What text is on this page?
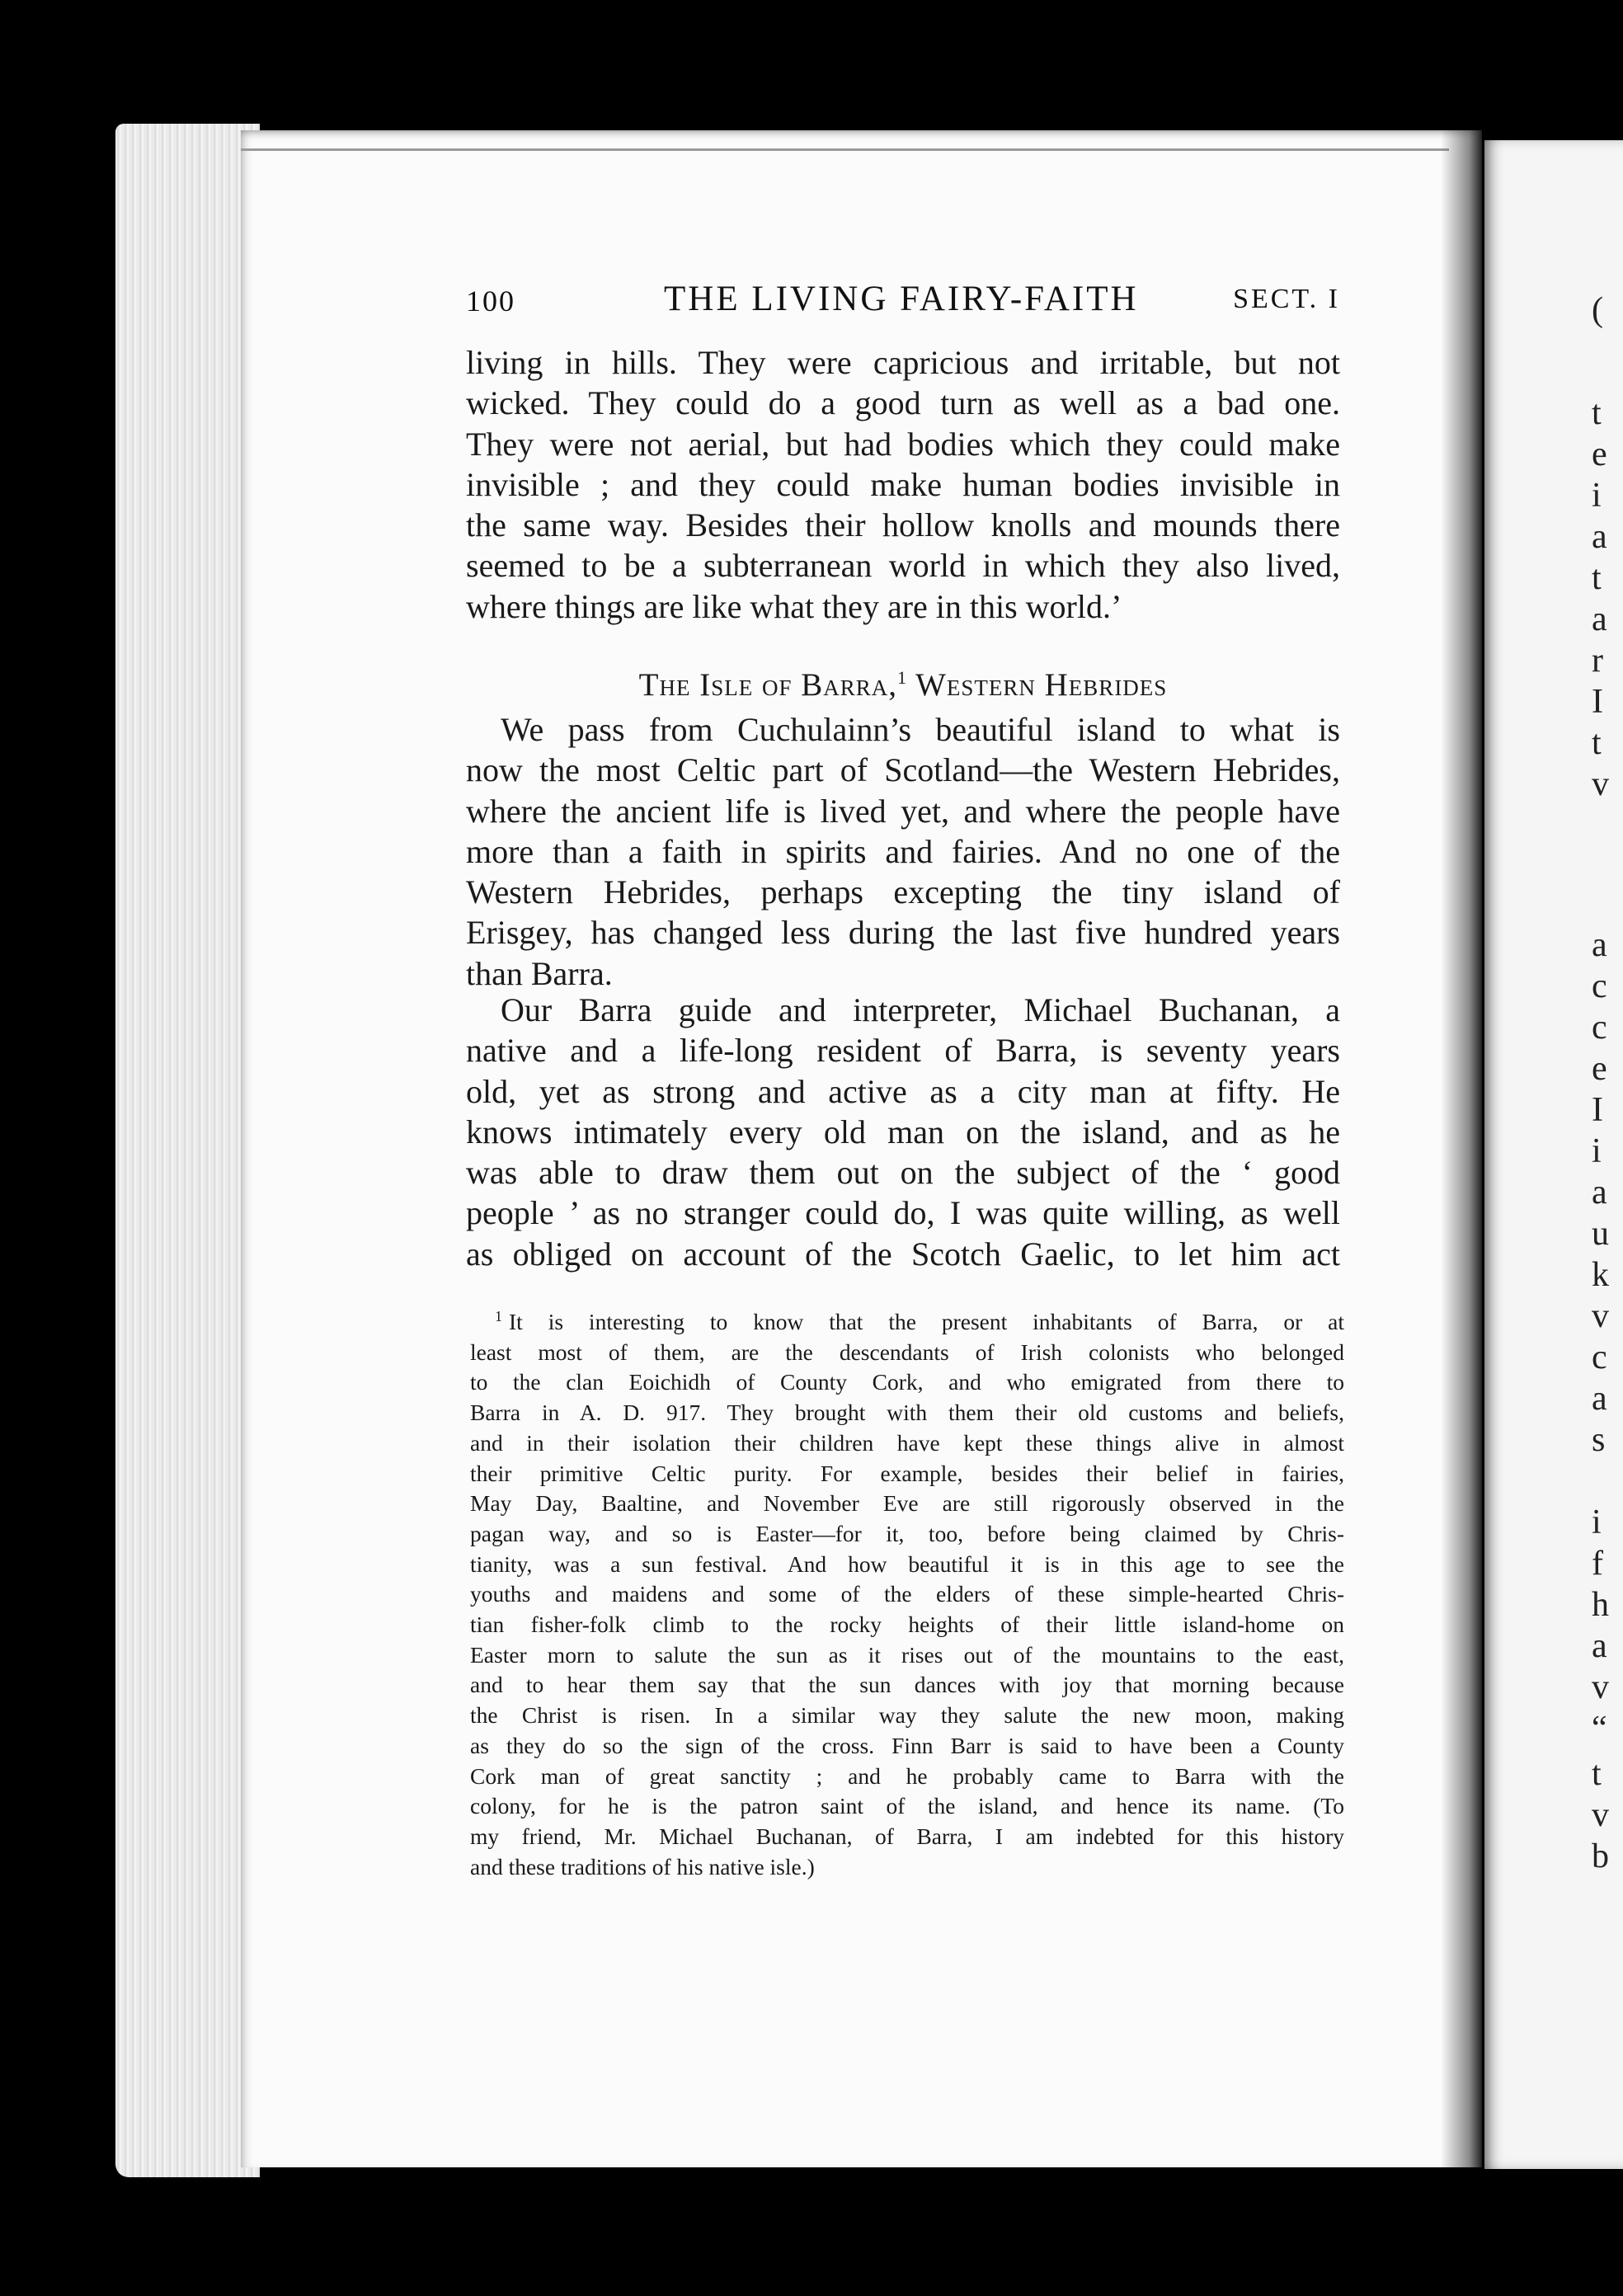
100	THE LIVING FAIRY-FAITH	SECT. I
living in hills. They were capricious and irritable, but not
wicked. They could do a good turn as well as a bad one.
They were not aerial, but had bodies which they could make
invisible ; and they could make human bodies invisible in
the same way. Besides their hollow knolls and mounds there
seemed to be a subterranean world in which they also lived,
where things are like what they are in this world.’
The Isle of Barra,$^1$ Western Hebrides
We pass from Cuchulainn’s beautiful island to what is
now the most Celtic part of Scotland—the Western Hebrides,
where the ancient life is lived yet, and where the people have
more than a faith in spirits and fairies. And no one of the
Western Hebrides, perhaps excepting the tiny island of
Erisgey, has changed less during the last five hundred years
than Barra.
Our Barra guide and interpreter, Michael Buchanan, a
native and a life-long resident of Barra, is seventy years
old, yet as strong and active as a city man at fifty. He
knows intimately every old man on the island, and as he
was able to draw them out on the subject of the ‘ good
people ’ as no stranger could do, I was quite willing, as well
as obliged on account of the Scotch Gaelic, to let him act
$^1$ It is interesting to know that the present inhabitants of Barra, or at
least most of them, are the descendants of Irish colonists who belonged
to the clan Eoichidh of County Cork, and who emigrated from there to
Barra in A. D. 917. They brought with them their old customs and beliefs,
and in their isolation their children have kept these things alive in almost
their primitive Celtic purity. For example, besides their belief in fairies,
May Day, Baaltine, and November Eve are still rigorously observed in the
pagan way, and so is Easter—for it, too, before being claimed by Chris-
tianity, was a sun festival. And how beautiful it is in this age to see the
youths and maidens and some of the elders of these simple-hearted Chris-
tian fisher-folk climb to the rocky heights of their little island-home on
Easter morn to salute the sun as it rises out of the mountains to the east,
and to hear them say that the sun dances with joy that morning because
the Christ is risen. In a similar way they salute the new moon, making
as they do so the sign of the cross. Finn Barr is said to have been a County
Cork man of great sanctity ; and he probably came to Barra with the
colony, for he is the patron saint of the island, and hence its name. (To
my friend, Mr. Michael Buchanan, of Barra, I am indebted for this history
and these traditions of his native isle.)
(
t
e
i
a
t
a
r
I
t
v
a
c
c
e
I
i
a
u
k
v
c
a
s
i
f
h
a
v
“
t
v
b
